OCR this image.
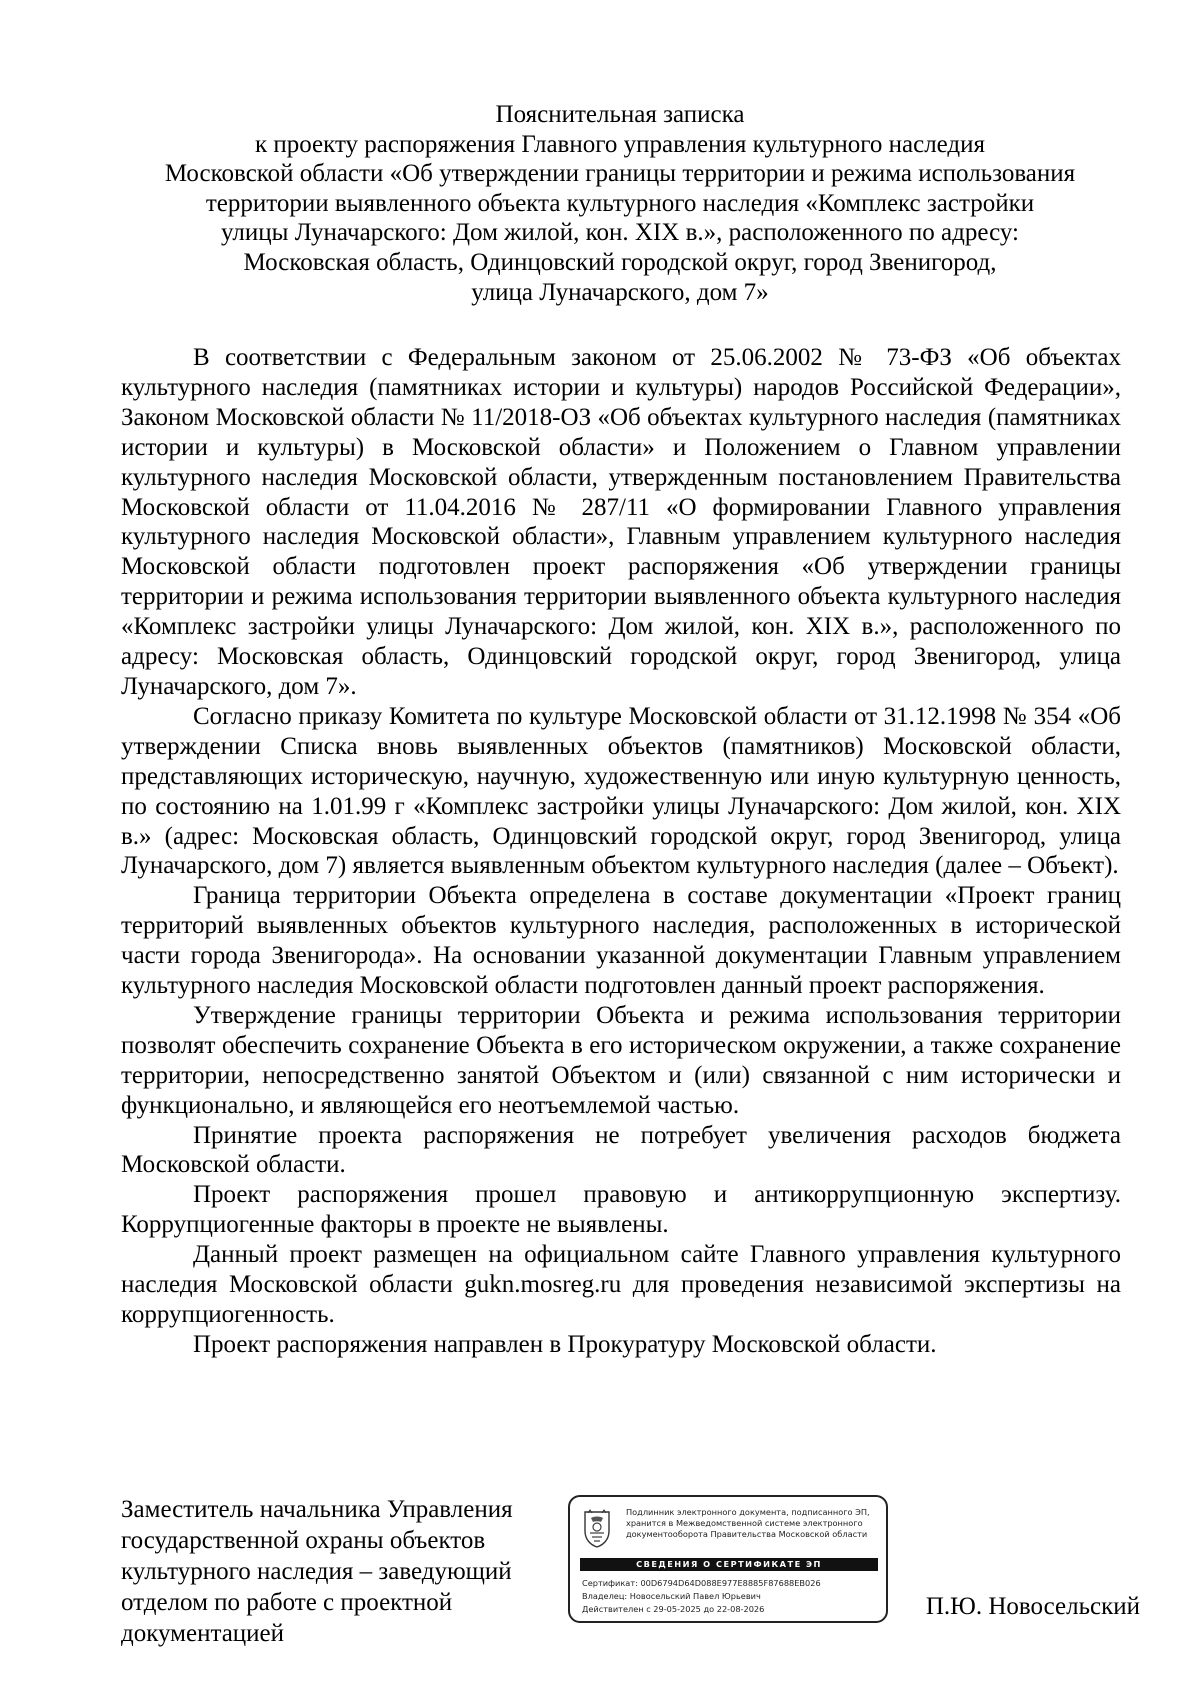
Пояснительная записка
к проекту распоряжения Главного управления культурного наследия
Московской области «Об утверждении границы территории и режима использования
территории выявленного объекта культурного наследия «Комплекс застройки
улицы Луначарского: Дом жилой, кон. XIX в.», расположенного по адресу:
Московская область, Одинцовский городской округ, город Звенигород,
улица Луначарского, дом 7»

В соответствии с Федеральным законом от 25.06.2002 № 73-ФЗ «Об объектах культурного наследия (памятниках истории и культуры) народов Российской Федерации», Законом Московской области № 11/2018-ОЗ «Об объектах культурного наследия (памятниках истории и культуры) в Московской области» и Положением о Главном управлении культурного наследия Московской области, утвержденным постановлением Правительства Московской области от 11.04.2016 № 287/11 «О формировании Главного управления культурного наследия Московской области», Главным управлением культурного наследия Московской области подготовлен проект распоряжения «Об утверждении границы территории и режима использования территории выявленного объекта культурного наследия «Комплекс застройки улицы Луначарского: Дом жилой, кон. XIX в.», расположенного по адресу: Московская область, Одинцовский городской округ, город Звенигород, улица Луначарского, дом 7».

Согласно приказу Комитета по культуре Московской области от 31.12.1998 № 354 «Об утверждении Списка вновь выявленных объектов (памятников) Московской области, представляющих историческую, научную, художественную или иную культурную ценность, по состоянию на 1.01.99 г «Комплекс застройки улицы Луначарского: Дом жилой, кон. XIX в.» (адрес: Московская область, Одинцовский городской округ, город Звенигород, улица Луначарского, дом 7) является выявленным объектом культурного наследия (далее – Объект).

Граница территории Объекта определена в составе документации «Проект границ территорий выявленных объектов культурного наследия, расположенных в исторической части города Звенигорода». На основании указанной документации Главным управлением культурного наследия Московской области подготовлен данный проект распоряжения.

Утверждение границы территории Объекта и режима использования территории позволят обеспечить сохранение Объекта в его историческом окружении, а также сохранение территории, непосредственно занятой Объектом и (или) связанной с ним исторически и функционально, и являющейся его неотъемлемой частью.

Принятие проекта распоряжения не потребует увеличения расходов бюджета Московской области.

Проект распоряжения прошел правовую и антикоррупционную экспертизу. Коррупциогенные факторы в проекте не выявлены.

Данный проект размещен на официальном сайте Главного управления культурного наследия Московской области gukn.mosreg.ru для проведения независимой экспертизы на коррупциогенность.

Проект распоряжения направлен в Прокуратуру Московской области.

Заместитель начальника Управления
государственной охраны объектов
культурного наследия – заведующий
отделом по работе с проектной
документацией
Подлинник электронного документа, подписанного ЭП,
хранится в Межведомственной системе электронного
документооборота Правительства Московской области
СВЕДЕНИЯ О СЕРТИФИКАТЕ ЭП
Сертификат: 00D6794D64D088E977E8885F87688EB026
Владелец: Новосельский Павел Юрьевич
Действителен с 29-05-2025 до 22-08-2026	П.Ю. Новосельский
